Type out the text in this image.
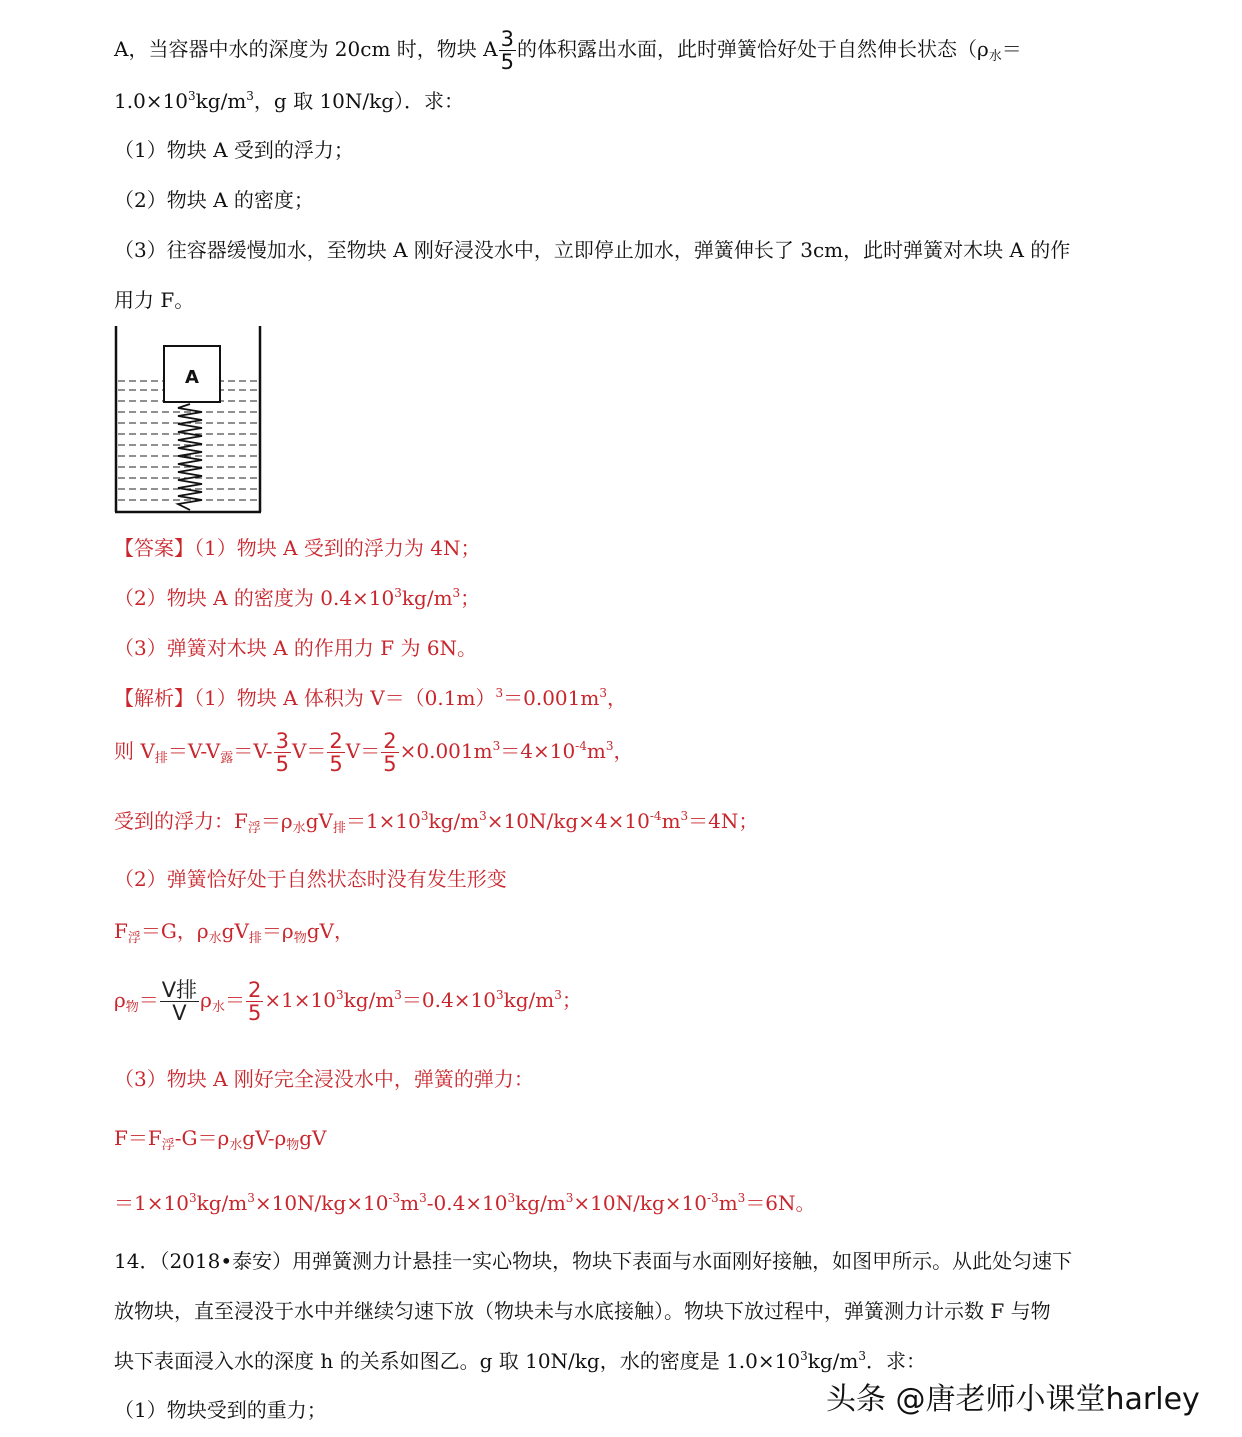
A，当容器中水的深度为 20cm 时，物块 A $\frac{3}{5}$ 的体积露出水面，此时弹簧恰好处于自然伸长状态（$\rho_水=$
$1.0\times 10^3kg/m^3$，g 取 10N/kg）．求：
（1）物块 A 受到的浮力；
（2）物块 A 的密度；
（3）往容器缓慢加水，至物块 A 刚好浸没水中，立即停止加水，弹簧伸长了 3cm，此时弹簧对木块 A 的作
用力 F。
A
【答案】（1）物块 A 受到的浮力为 4N；
（2）物块 A 的密度为 $0.4\times 10^3kg/m^3$；
（3）弹簧对木块 A 的作用力 F 为 6N。
【解析】（1）物块 A 体积为 $V=(0.1m)^3=0.001m^3$，
则 $V_排=V-V_露=V- \frac{3}{5} V= \frac{2}{5} V= \frac{2}{5} \times 0.001m^3=4\times 10^{-4}m^3$，
受到的浮力：$F_浮=\rho_水gV_排=1\times 10^3kg/m^3\times 10N/kg\times 4\times 10^{-4}m^3=4N$；
（2）弹簧恰好处于自然状态时没有发生形变
$F_浮=G$，$\rho_水gV_排=\rho_物gV$，
$\rho_物= \frac{\text{V排}}{V} \rho_水= \frac{2}{5} \times 1\times 10^3kg/m^3=0.4\times 10^3kg/m^3$；
（3）物块 A 刚好完全浸没水中，弹簧的弹力：
$F=F_浮-G=\rho_水gV-\rho_物gV$
$=1\times 10^3kg/m^3\times 10N/kg\times 10^{-3}m^3-0.4\times 10^3kg/m^3\times 10N/kg\times 10^{-3}m^3=6N$。
14．（2018•泰安）用弹簧测力计悬挂一实心物块，物块下表面与水面刚好接触，如图甲所示。从此处匀速下
放物块，直至浸没于水中并继续匀速下放（物块未与水底接触）。物块下放过程中，弹簧测力计示数 F 与物
块下表面浸入水的深度 h 的关系如图乙。g 取 10N/kg，水的密度是 $1.0\times 10^3kg/m^3$．求：
（1）物块受到的重力；	头条 @唐老师小课堂harley
